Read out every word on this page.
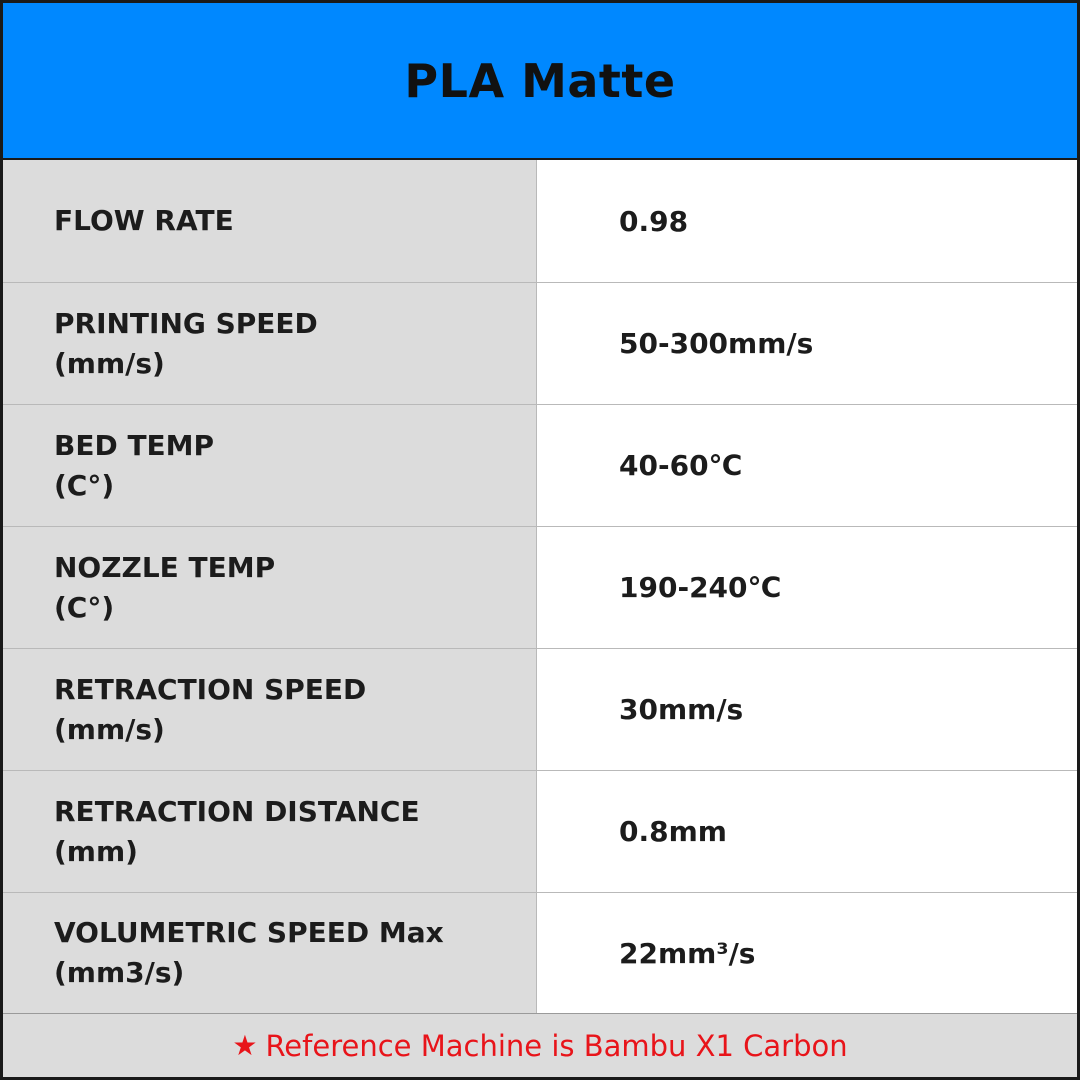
PLA Matte
FLOW RATE	0.98
PRINTING SPEED
(mm/s)
50-300mm/s
BED TEMP
(C°)
40-60℃
NOZZLE TEMP
(C°)
190-240℃
RETRACTION SPEED
(mm/s)
30mm/s
RETRACTION DISTANCE
(mm)
0.8mm
VOLUMETRIC SPEED Max
(mm3/s)
22mm³/s
★ Reference Machine is Bambu X1 Carbon
